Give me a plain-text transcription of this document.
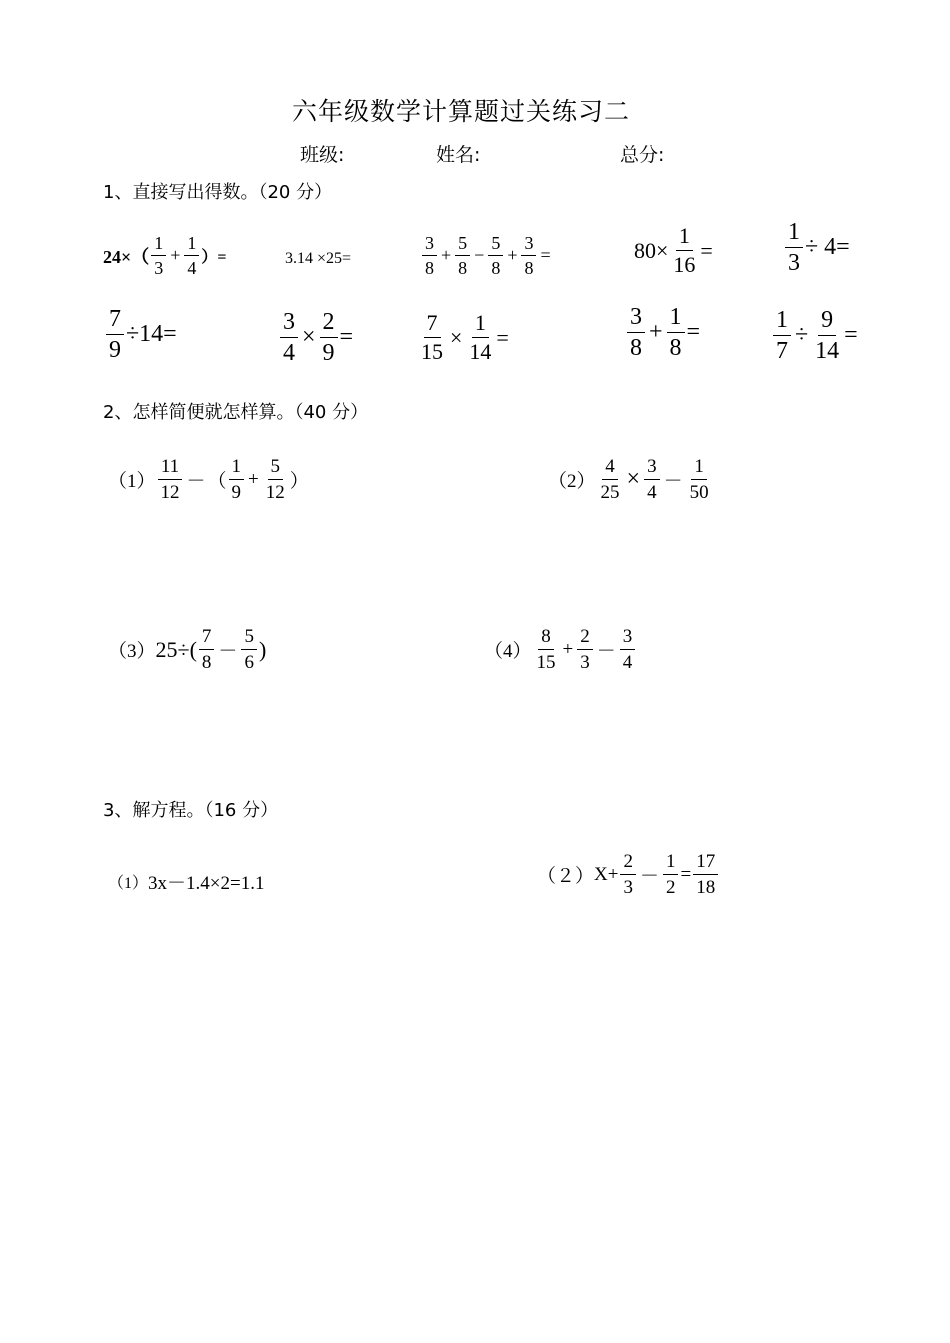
六年级数学计算题过关练习二
班级:	姓名:	总分:
1、直接写出得数。（20 分）
$24\times( \frac{1}{3} + \frac{1}{4}$ ）=	3.14 ×25=	$\frac{3}{8} + \frac{5}{8} - \frac{5}{8} + \frac{3}{8}$ =	$80\times \frac{1}{16}$ =	$\frac{1}{3} \div 4=$
$\frac{7}{9} \div 14=$	$\frac{3}{4} \times \frac{2}{9}$ =	$\frac{7}{15} \times \frac{1}{14}$ =	$\frac{3}{8} + \frac{1}{8}$ =	$\frac{1}{7} \div \frac{9}{14}$ =
2、怎样简便就怎样算。（40 分）
$(1) \frac{11}{12}$ － （ $\frac{1}{9} + \frac{5}{12}$ ）	$(2) \frac{4}{25} \times \frac{3}{4} - \frac{1}{50}$
（3） $25\div( \frac{7}{8} - \frac{5}{6}$ )	$(4) \frac{8}{15} + \frac{2}{3} - \frac{3}{4}$
3、解方程。（16 分）
（1） 3x－1.4×2=1.1	（２） $X+ \frac{2}{3} - \frac{1}{2} = \frac{17}{18}$
